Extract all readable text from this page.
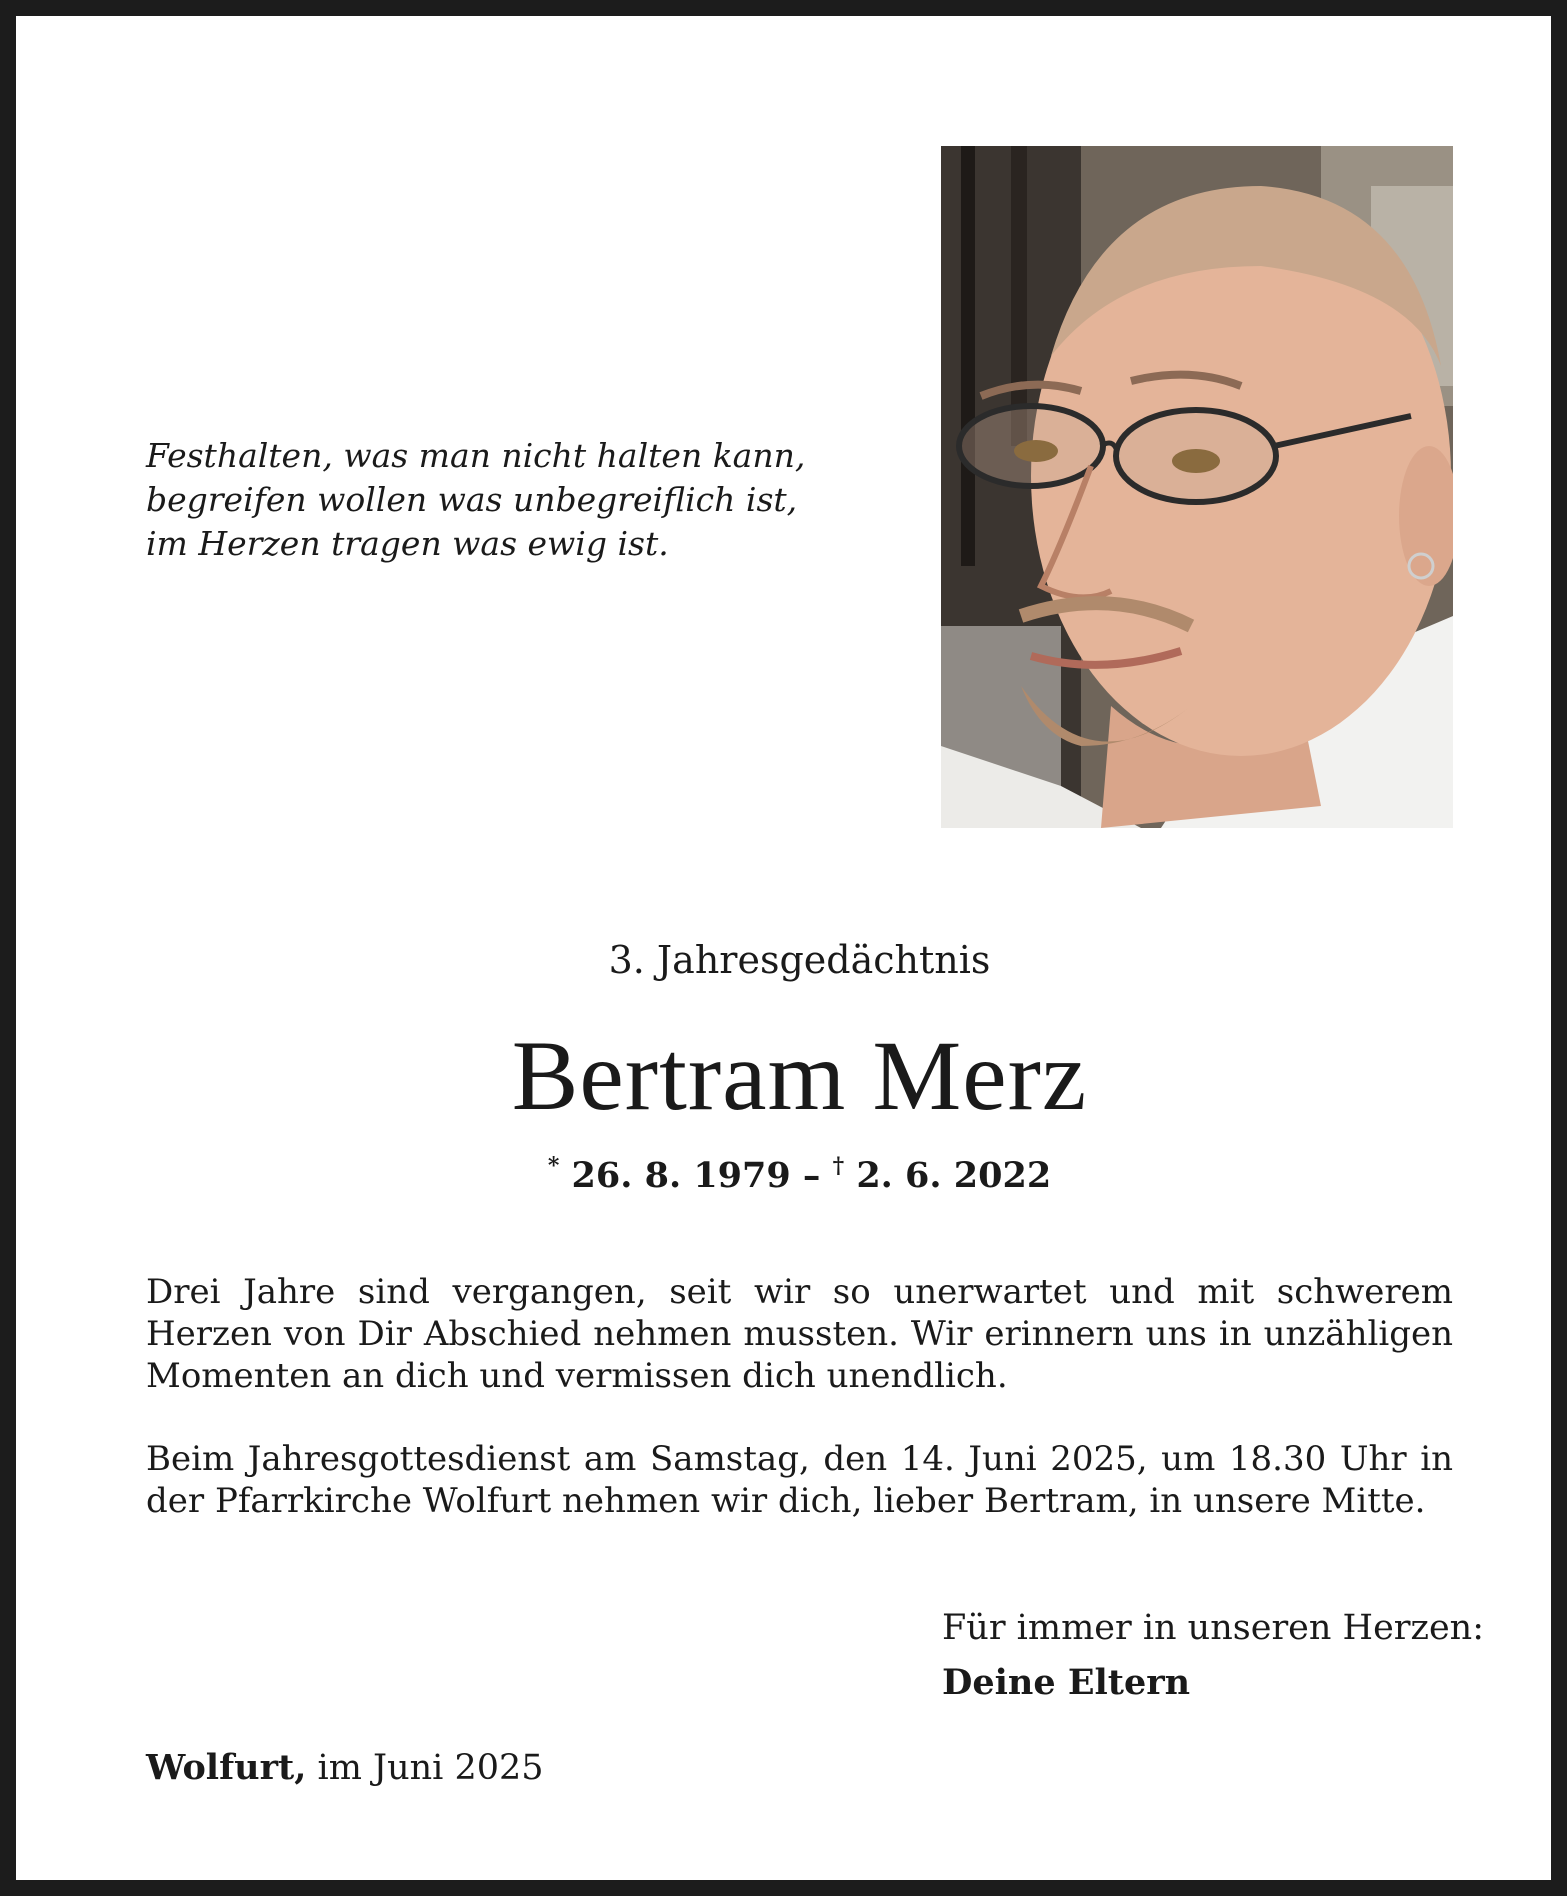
Festhalten, was man nicht halten kann,
begreifen wollen was unbegreiflich ist,
im Herzen tragen was ewig ist.
3. Jahresgedächtnis
Bertram Merz
* 26. 8. 1979 – † 2. 6. 2022
Drei Jahre sind vergangen, seit wir so unerwartet und mit schwerem Herzen von Dir Abschied nehmen mussten. Wir erinnern uns in unzähligen Momenten an dich und vermissen dich unendlich.
Beim Jahresgottesdienst am Samstag, den 14. Juni 2025, um 18.30 Uhr in der Pfarrkirche Wolfurt nehmen wir dich, lieber Bertram, in unsere Mitte.
Für immer in unseren Herzen:
Deine Eltern
Wolfurt, im Juni 2025
